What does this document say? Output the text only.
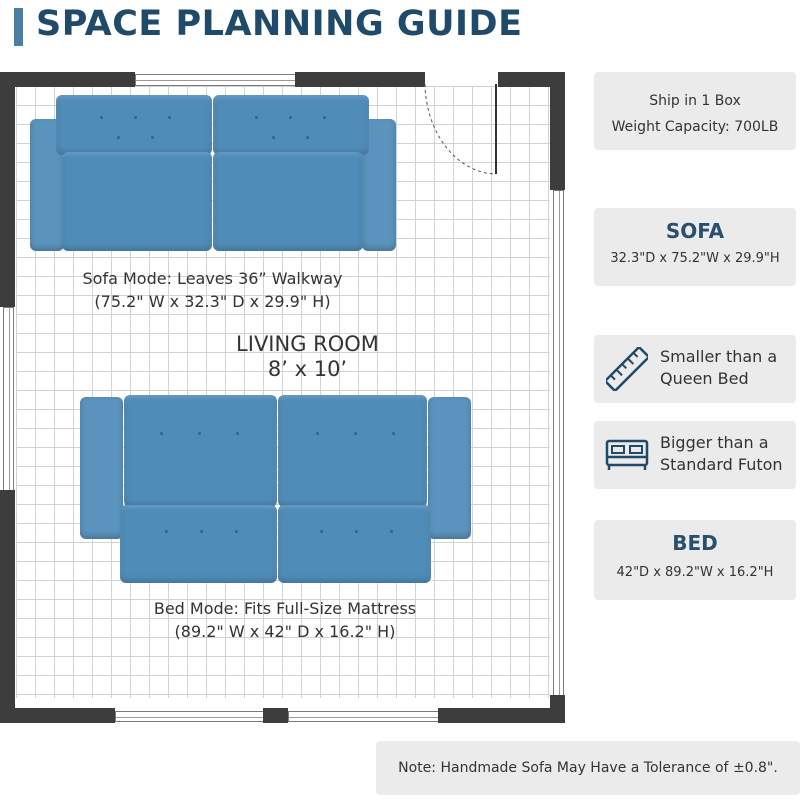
SPACE PLANNING GUIDE
Sofa Mode: Leaves 36” Walkway
(75.2" W x 32.3" D x 29.9" H)
LIVING ROOM
8’ x 10’
Bed Mode: Fits Full-Size Mattress
(89.2" W x 42" D x 16.2" H)
Ship in 1 Box
Weight Capacity: 700LB
SOFA
32.3"D x 75.2"W x 29.9"H
Smaller than a
Queen Bed
Bigger than a
Standard Futon
BED
42"D x 89.2"W x 16.2"H
Note: Handmade Sofa May Have a Tolerance of ±0.8".
